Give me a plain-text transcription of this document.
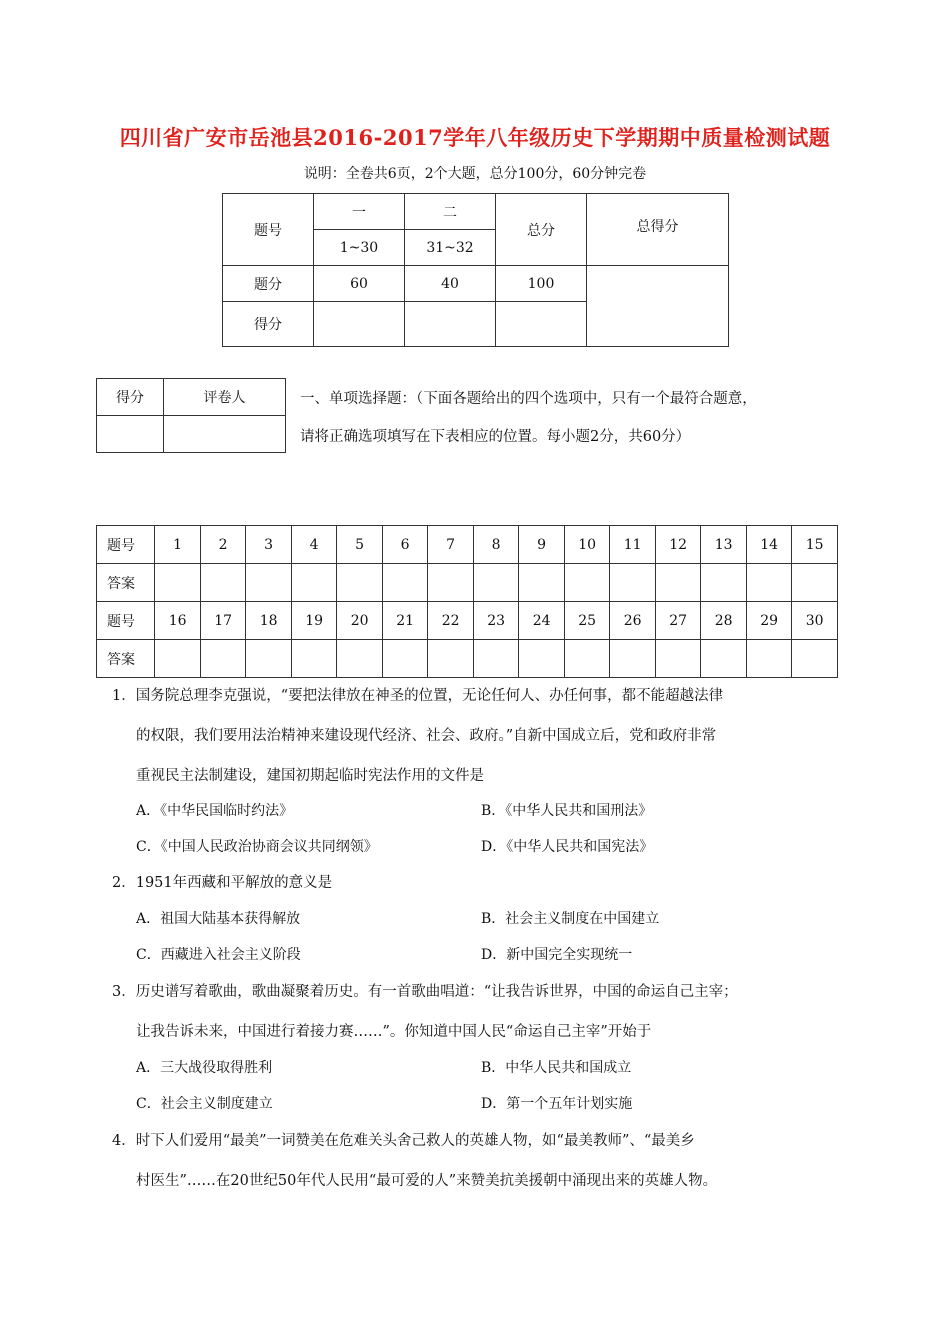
四川省广安市岳池县2016-2017学年八年级历史下学期期中质量检测试题
说明：全卷共6页，2个大题，总分100分，60分钟完卷
题号	一	二	总分	总得分
	1~30	31~32		
题分	60	40	100	
得分				
得分	评卷人
		一、单项选择题：（下面各题给出的四个选项中，只有一个最符合题意，
请将正确选项填写在下表相应的位置。每小题2分，共60分）
题号	1	2	3	4	5	6	7	8	9	10	11	12	13	14	15
答案															
题号	16	17	18	19	20	21	22	23	24	25	26	27	28	29	30
答案															
1．国务院总理李克强说，“要把法律放在神圣的位置，无论任何人、办任何事，都不能超越法律
的权限，我们要用法治精神来建设现代经济、社会、政府。”自新中国成立后，党和政府非常
重视民主法制建设，建国初期起临时宪法作用的文件是
A．《中华民国临时约法》	B．《中华人民共和国刑法》
C．《中国人民政治协商会议共同纲领》	D．《中华人民共和国宪法》
2．1951年西藏和平解放的意义是
A．祖国大陆基本获得解放	B．社会主义制度在中国建立
C．西藏进入社会主义阶段	D．新中国完全实现统一
3．历史谱写着歌曲，歌曲凝聚着历史。有一首歌曲唱道：“让我告诉世界，中国的命运自己主宰；
让我告诉未来，中国进行着接力赛……”。你知道中国人民“命运自己主宰”开始于
A．三大战役取得胜利	B．中华人民共和国成立
C．社会主义制度建立	D．第一个五年计划实施
4．时下人们爱用“最美”一词赞美在危难关头舍己救人的英雄人物，如“最美教师”、“最美乡
村医生”……在20世纪50年代人民用“最可爱的人”来赞美抗美援朝中涌现出来的英雄人物。
